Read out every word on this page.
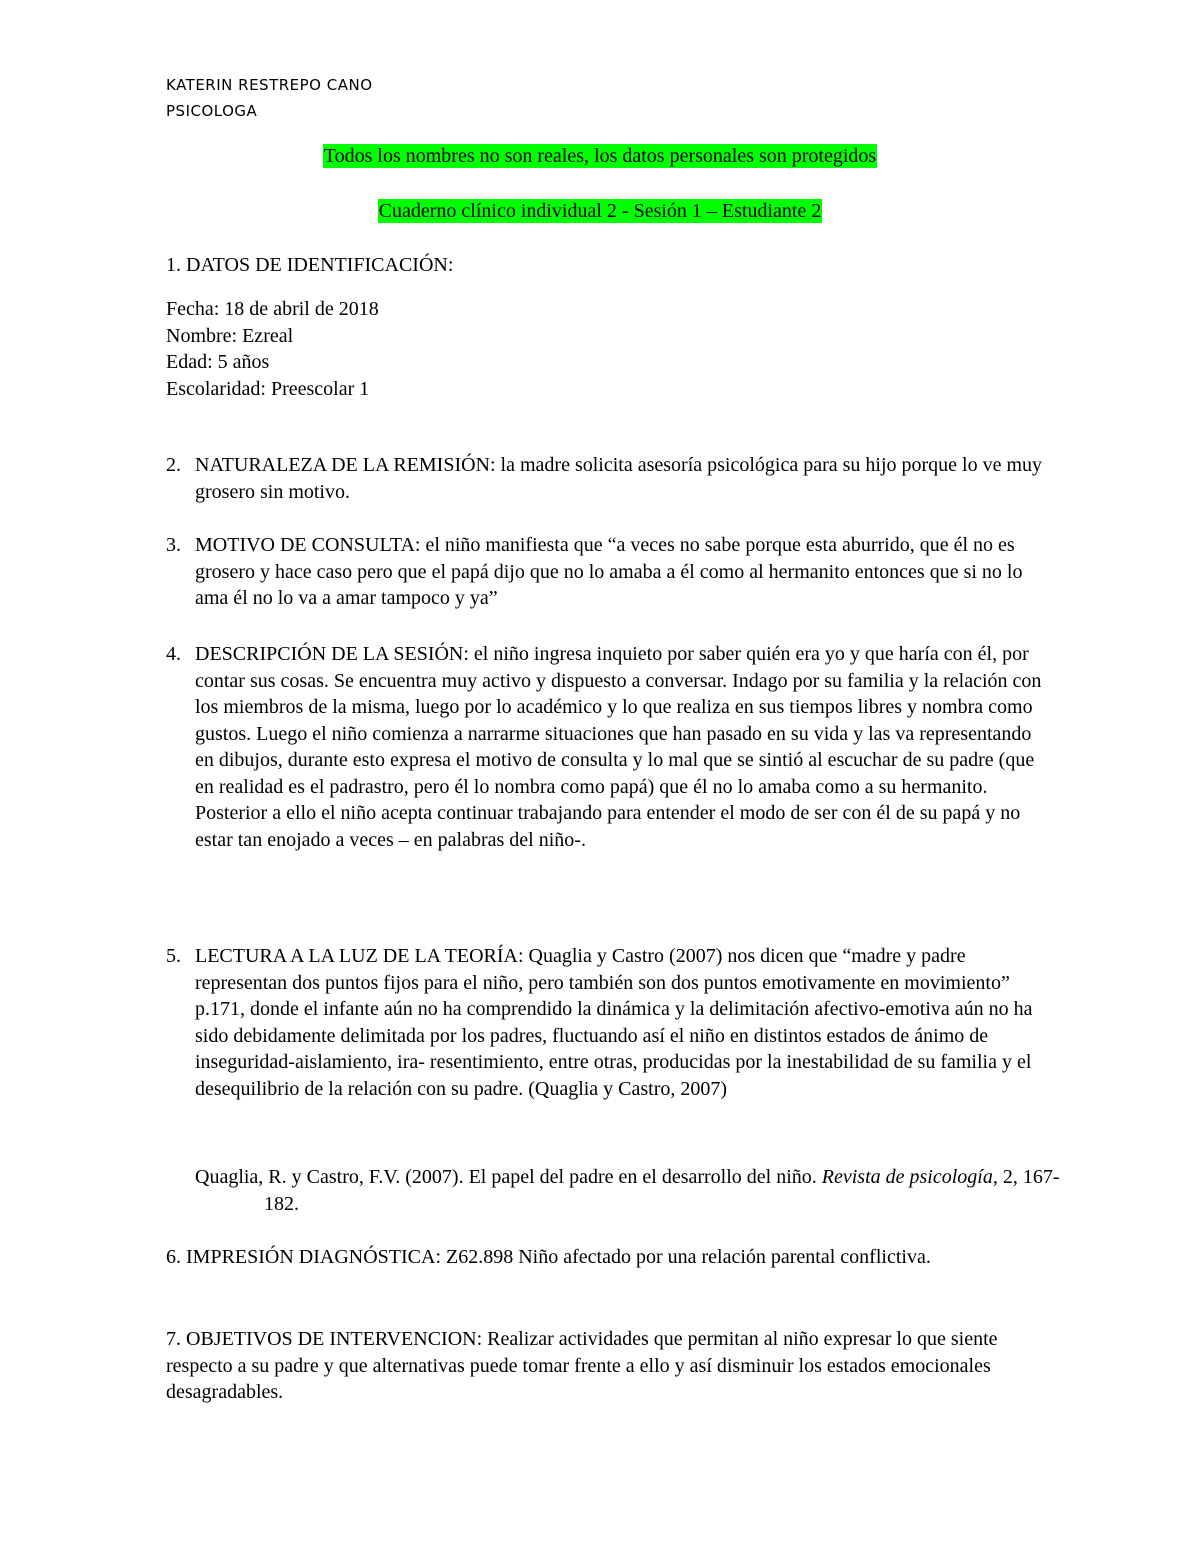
KATERIN RESTREPO CANO
PSICOLOGA
Todos los nombres no son reales, los datos personales son protegidos
Cuaderno clínico individual 2 - Sesión 1 – Estudiante 2
1. DATOS DE IDENTIFICACIÓN:
Fecha: 18 de abril de 2018
Nombre: Ezreal
Edad: 5 años
Escolaridad: Preescolar 1
2. NATURALEZA DE LA REMISIÓN: la madre solicita asesoría psicológica para su hijo porque lo ve muy grosero sin motivo.
3. MOTIVO DE CONSULTA: el niño manifiesta que “a veces no sabe porque esta aburrido, que él no es grosero y hace caso pero que el papá dijo que no lo amaba a él como al hermanito entonces que si no lo ama él no lo va a amar tampoco y ya”
4. DESCRIPCIÓN DE LA SESIÓN: el niño ingresa inquieto por saber quién era yo y que haría con él, por contar sus cosas. Se encuentra muy activo y dispuesto a conversar. Indago por su familia y la relación con los miembros de la misma, luego por lo académico y lo que realiza en sus tiempos libres y nombra como gustos. Luego el niño comienza a narrarme situaciones que han pasado en su vida y las va representando en dibujos, durante esto expresa el motivo de consulta y lo mal que se sintió al escuchar de su padre (que en realidad es el padrastro, pero él lo nombra como papá) que él no lo amaba como a su hermanito. Posterior a ello el niño acepta continuar trabajando para entender el modo de ser con él de su papá y no estar tan enojado a veces – en palabras del niño-.
5. LECTURA A LA LUZ DE LA TEORÍA: Quaglia y Castro (2007) nos dicen que “madre y padre representan dos puntos fijos para el niño, pero también son dos puntos emotivamente en movimiento” p.171, donde el infante aún no ha comprendido la dinámica y la delimitación afectivo-emotiva aún no ha sido debidamente delimitada por los padres, fluctuando así el niño en distintos estados de ánimo de inseguridad-aislamiento, ira- resentimiento, entre otras, producidas por la inestabilidad de su familia y el desequilibrio de la relación con su padre. (Quaglia y Castro, 2007)
Quaglia, R. y Castro, F.V. (2007). El papel del padre en el desarrollo del niño. Revista de psicología, 2, 167-182.
6. IMPRESIÓN DIAGNÓSTICA: Z62.898 Niño afectado por una relación parental conflictiva.
7. OBJETIVOS DE INTERVENCION: Realizar actividades que permitan al niño expresar lo que siente respecto a su padre y que alternativas puede tomar frente a ello y así disminuir los estados emocionales desagradables.
